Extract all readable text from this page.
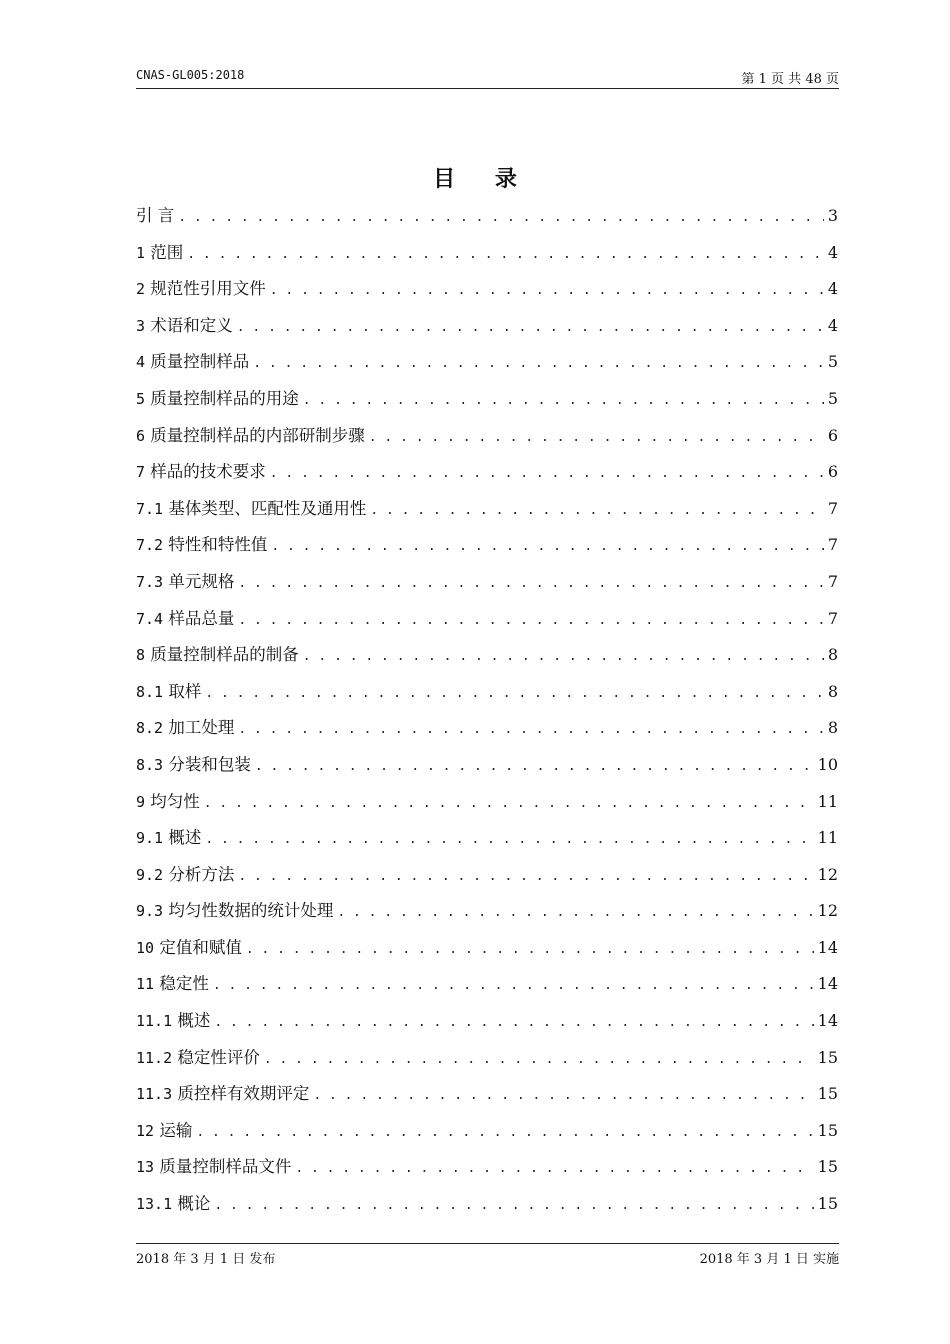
CNAS-GL005:2018	第 1 页 共 48 页
目 录
引 言 . . .	3
1 范围 . . .	4
2 规范性引用文件 . . .	4
3 术语和定义 . . .	4
4 质量控制样品 . . .	5
5 质量控制样品的用途 . . .	5
6 质量控制样品的内部研制步骤 . . .	6
7 样品的技术要求 . . .	6
7.1 基体类型、匹配性及通用性 . . .	7
7.2 特性和特性值 . . .	7
7.3 单元规格 . . .	7
7.4 样品总量 . . .	7
8 质量控制样品的制备 . . .	8
8.1 取样 . . .	8
8.2 加工处理 . . .	8
8.3 分装和包装 . . .	10
9 均匀性 . . .	11
9.1 概述 . . .	11
9.2 分析方法 . . .	12
9.3 均匀性数据的统计处理 . . .	12
10 定值和赋值 . . .	14
11 稳定性 . . .	14
11.1 概述 . . .	14
11.2 稳定性评价 . . .	15
11.3 质控样有效期评定 . . .	15
12 运输 . . .	15
13 质量控制样品文件 . . .	15
13.1 概论 . . .	15
2018 年 3 月 1 日 发布	2018 年 3 月 1 日 实施
